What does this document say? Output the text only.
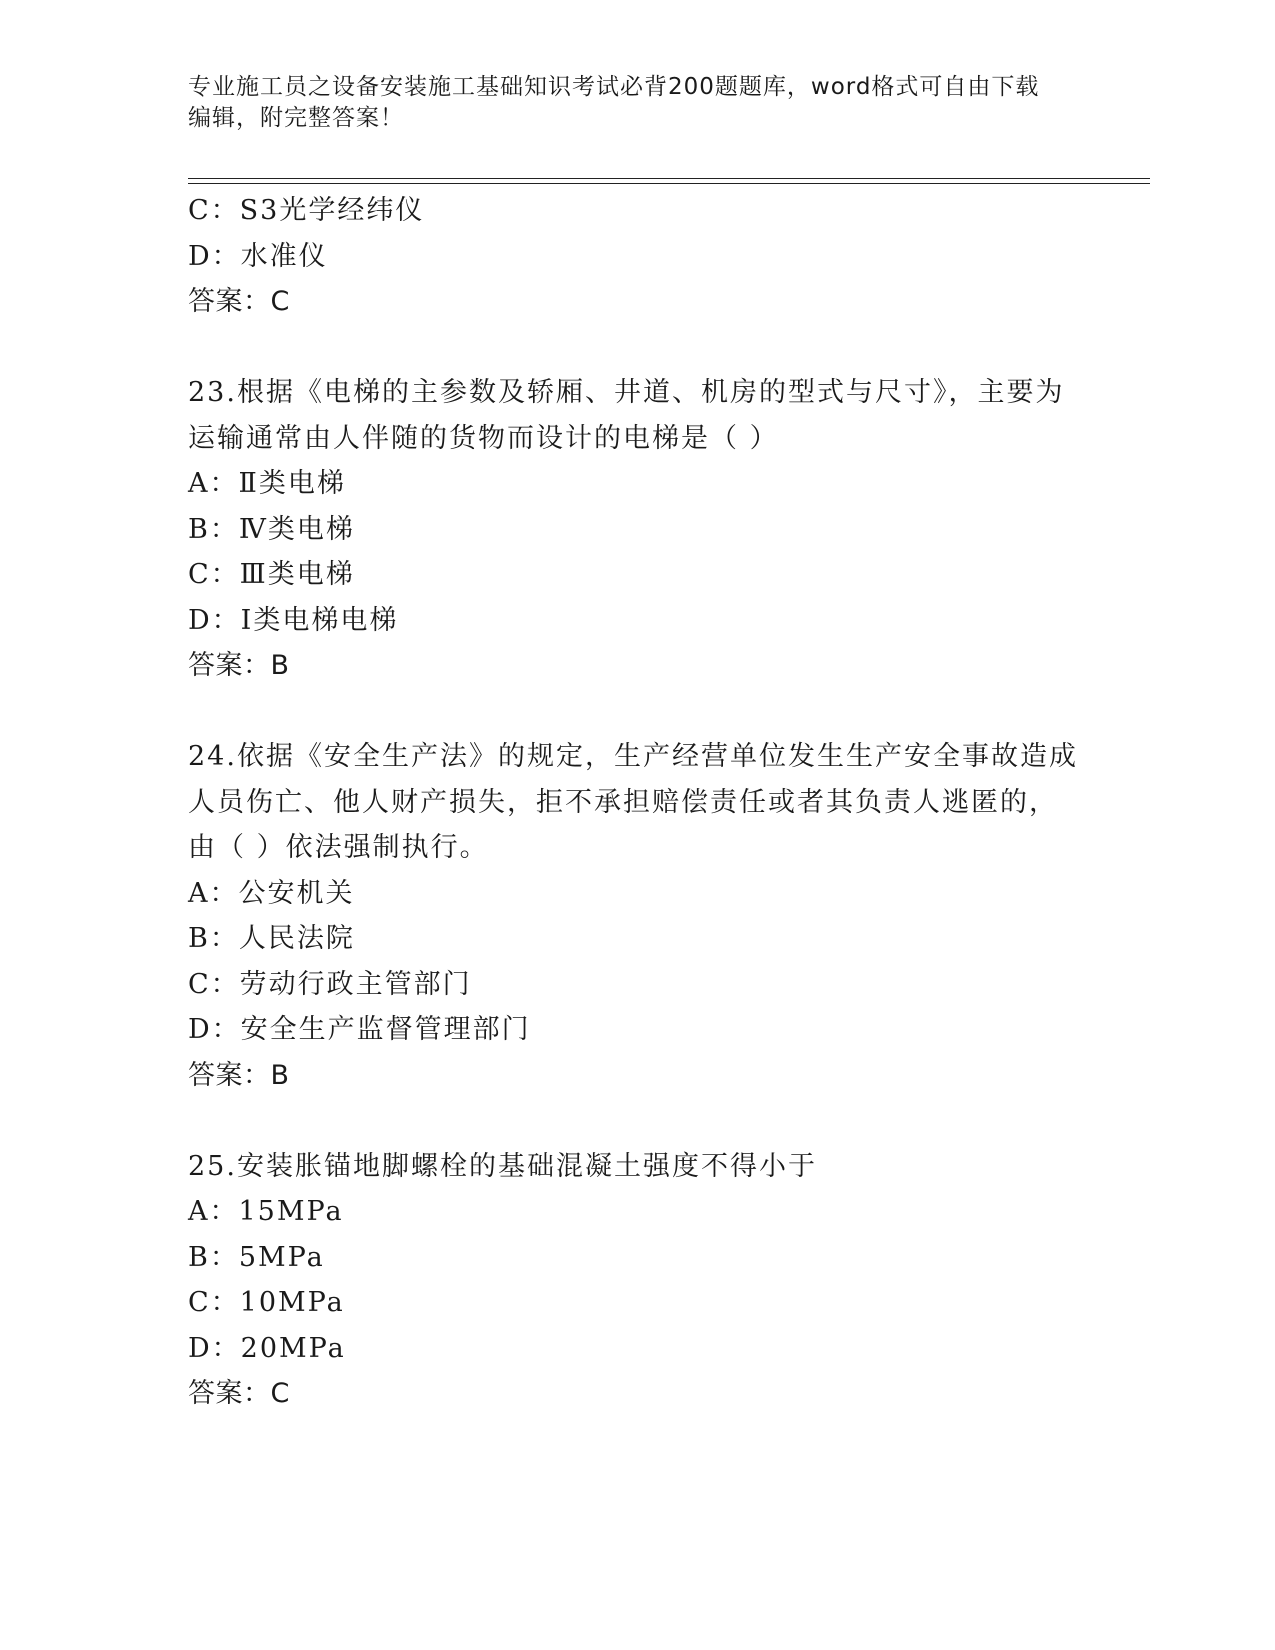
专业施工员之设备安装施工基础知识考试必背200题题库，word格式可自由下载
编辑，附完整答案！
C：S3光学经纬仪
D：水准仪
答案：C
23.根据《电梯的主参数及轿厢、井道、机房的型式与尺寸》，主要为
运输通常由人伴随的货物而设计的电梯是（ ）
A：Ⅱ类电梯
B：Ⅳ类电梯
C：Ⅲ类电梯
D：Ⅰ类电梯电梯
答案：B
24.依据《安全生产法》的规定，生产经营单位发生生产安全事故造成
人员伤亡、他人财产损失，拒不承担赔偿责任或者其负责人逃匿的，
由（ ）依法强制执行。
A：公安机关
B：人民法院
C：劳动行政主管部门
D：安全生产监督管理部门
答案：B
25.安装胀锚地脚螺栓的基础混凝土强度不得小于
A：15MPa
B：5MPa
C：10MPa
D：20MPa
答案：C
